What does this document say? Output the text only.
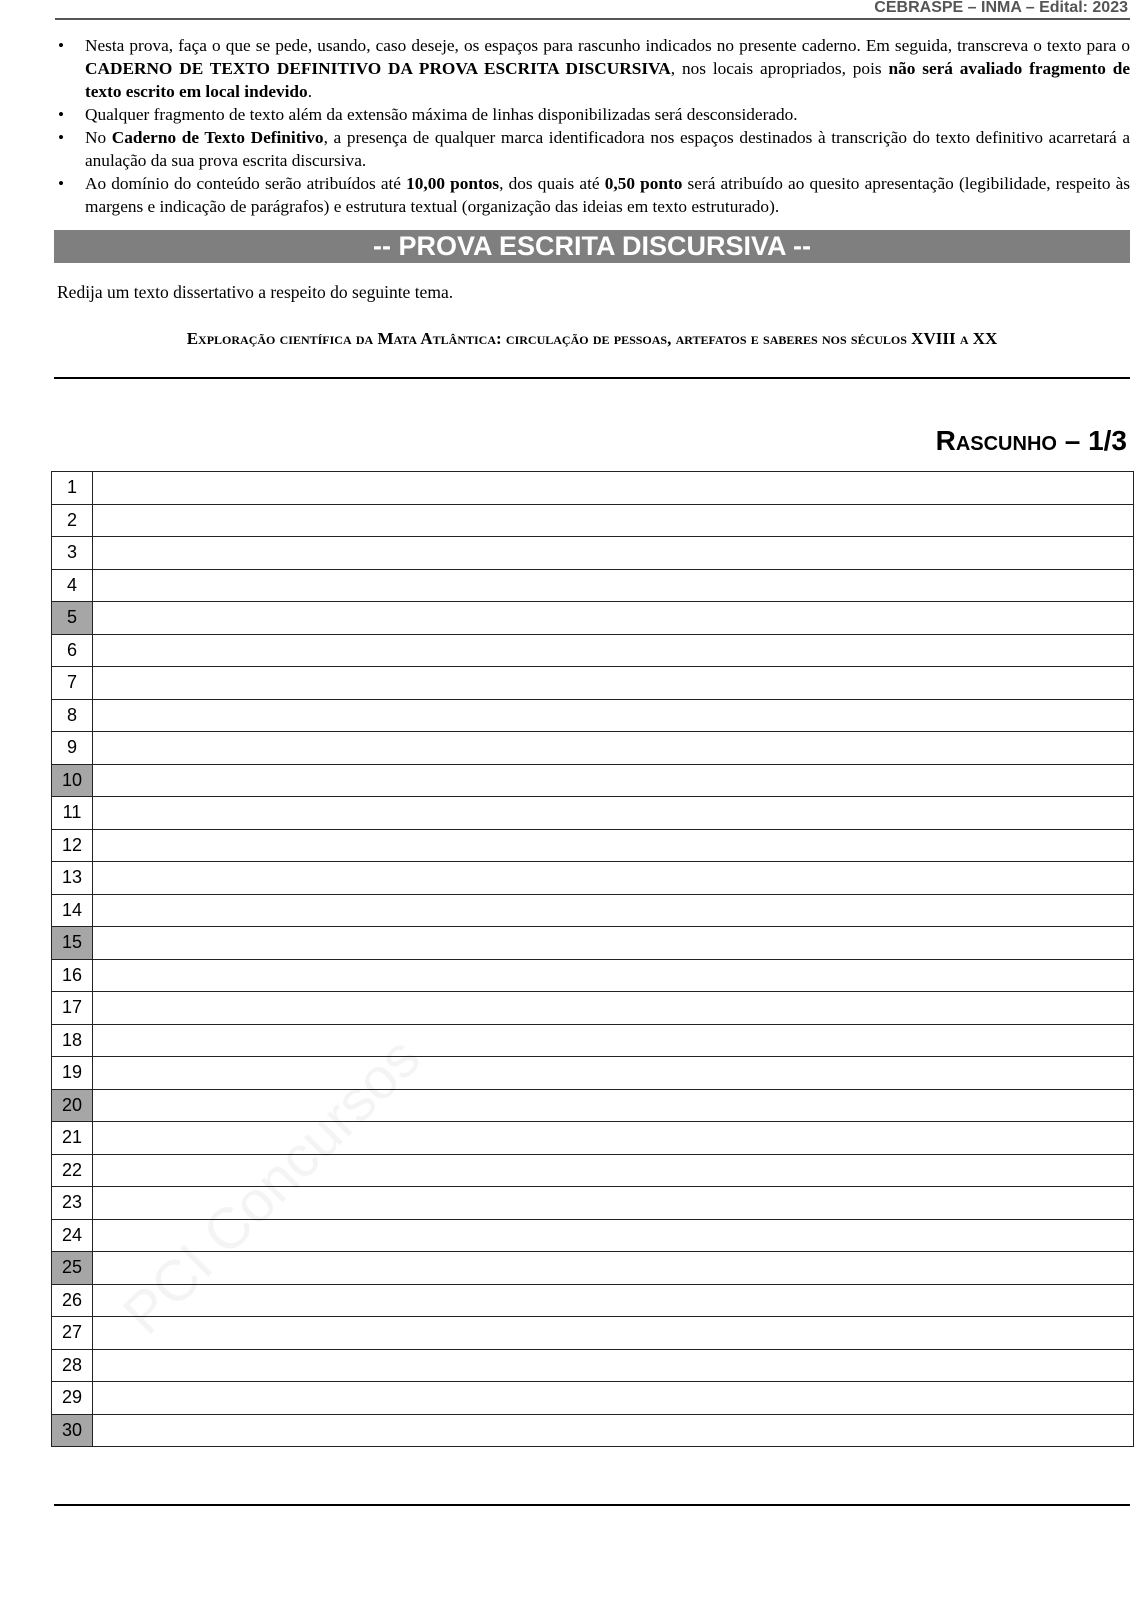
CEBRASPE – INMA – Edital: 2023
• Nesta prova, faça o que se pede, usando, caso deseje, os espaços para rascunho indicados no presente caderno. Em seguida, transcreva o texto para o CADERNO DE TEXTO DEFINITIVO DA PROVA ESCRITA DISCURSIVA, nos locais apropriados, pois não será avaliado fragmento de texto escrito em local indevido.
• Qualquer fragmento de texto além da extensão máxima de linhas disponibilizadas será desconsiderado.
• No Caderno de Texto Definitivo, a presença de qualquer marca identificadora nos espaços destinados à transcrição do texto definitivo acarretará a anulação da sua prova escrita discursiva.
• Ao domínio do conteúdo serão atribuídos até 10,00 pontos, dos quais até 0,50 ponto será atribuído ao quesito apresentação (legibilidade, respeito às margens e indicação de parágrafos) e estrutura textual (organização das ideias em texto estruturado).
-- PROVA ESCRITA DISCURSIVA --
Redija um texto dissertativo a respeito do seguinte tema.
Exploração científica da Mata Atlântica: circulação de pessoas, artefatos e saberes nos séculos XVIII a XX
Rascunho – 1/3
1	
2	
3	
4	
5	
6	
7	
8	
9	
10	
11	
12	
13	
14	
15	
16	
17	
18	
19	
20	
21	
22	
23	
24	
25	
26	
27	
28	
29	
30	
